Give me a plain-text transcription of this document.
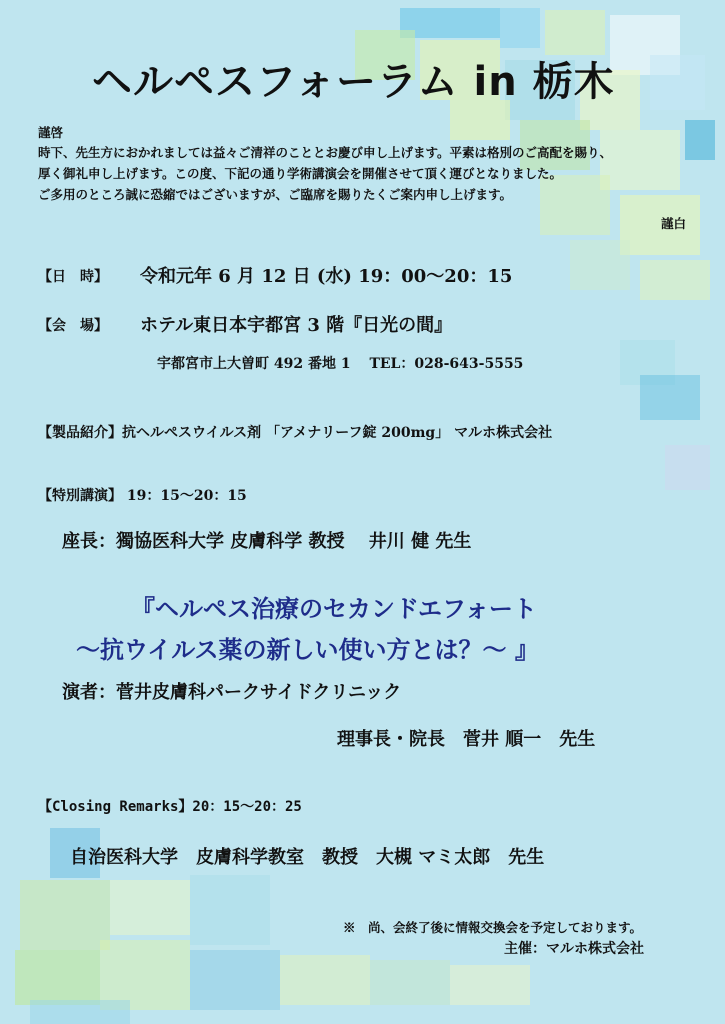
ヘルペスフォーラム in 栃木
謹啓
時下、先生方におかれましては益々ご清祥のこととお慶び申し上げます。平素は格別のご高配を賜り、
厚く御礼申し上げます。この度、下記の通り学術講演会を開催させて頂く運びとなりました。
ご多用のところ誠に恐縮ではございますが、ご臨席を賜りたくご案内申し上げます。
謹白
【日　時】 令和元年 6 月 12 日 (水) 19：00～20：15
【会　場】 ホテル東日本宇都宮 3 階『日光の間』
宇都宮市上大曽町 492 番地 1　 TEL：028-643-5555
【製品紹介】抗ヘルペスウイルス剤 「アメナリーフ錠 200mg」 マルホ株式会社
【特別講演】 19：15～20：15
座長：獨協医科大学 皮膚科学 教授　 井川 健 先生
『ヘルペス治療のセカンドエフォート
～抗ウイルス薬の新しい使い方とは？～ 』
演者：菅井皮膚科パークサイドクリニック
理事長・院長　菅井 順一　先生
【Closing Remarks】20：15～20：25
自治医科大学　皮膚科学教室　教授　大槻 マミ太郎　先生
※　尚、会終了後に情報交換会を予定しております。
主催：マルホ株式会社
